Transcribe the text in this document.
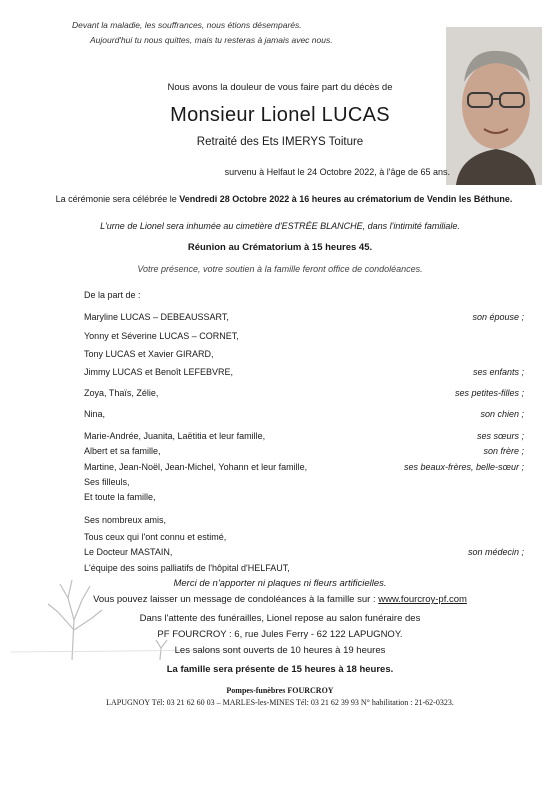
Devant la maladie, les souffrances, nous étions désemparés.
Aujourd'hui tu nous quittes, mais tu resteras à jamais avec nous.
Nous avons la douleur de vous faire part du décès de
Monsieur Lionel LUCAS
Retraité des Ets IMERYS Toiture
survenu à Helfaut le 24 Octobre 2022, à l'âge de 65 ans.
La cérémonie sera célébrée le Vendredi 28 Octobre 2022 à 16 heures au crématorium de Vendin les Béthune.
L'urne de Lionel sera inhumée au cimetière d'ESTRÉE BLANCHE, dans l'intimité familiale.
Réunion au Crématorium à 15 heures 45.
Votre présence, votre soutien à la famille feront office de condoléances.
De la part de :
Maryline LUCAS – DEBEAUSSART,	son épouse ;
Yonny et Séverine LUCAS – CORNET,
Tony LUCAS et Xavier GIRARD,
Jimmy LUCAS et Benoît LEFEBVRE,	ses enfants ;
Zoya, Thaïs, Zélie,	ses petites-filles ;
Nina,	son chien ;
Marie-Andrée, Juanita, Laëtitia et leur famille,	ses sœurs ;
Albert et sa famille,	son frère ;
Martine, Jean-Noël, Jean-Michel, Yohann et leur famille,	ses beaux-frères, belle-sœur ;
Ses filleuls,
Et toute la famille,
Ses nombreux amis,
Tous ceux qui l'ont connu et estimé,
Le Docteur MASTAIN,	son médecin ;
L'équipe des soins palliatifs de l'hôpital d'HELFAUT,
Merci de n'apporter ni plaques ni fleurs artificielles.
Vous pouvez laisser un message de condoléances à la famille sur : www.fourcroy-pf.com
Dans l'attente des funérailles, Lionel repose au salon funéraire des
PF FOURCROY : 6, rue Jules Ferry - 62 122 LAPUGNOY.
Les salons sont ouverts de 10 heures à 19 heures
La famille sera présente de 15 heures à 18 heures.
Pompes-funèbres FOURCROY
LAPUGNOY Tél: 03 21 62 60 03 – MARLES-les-MINES Tél: 03 21 62 39 93 N° habilitation : 21-62-0323.
